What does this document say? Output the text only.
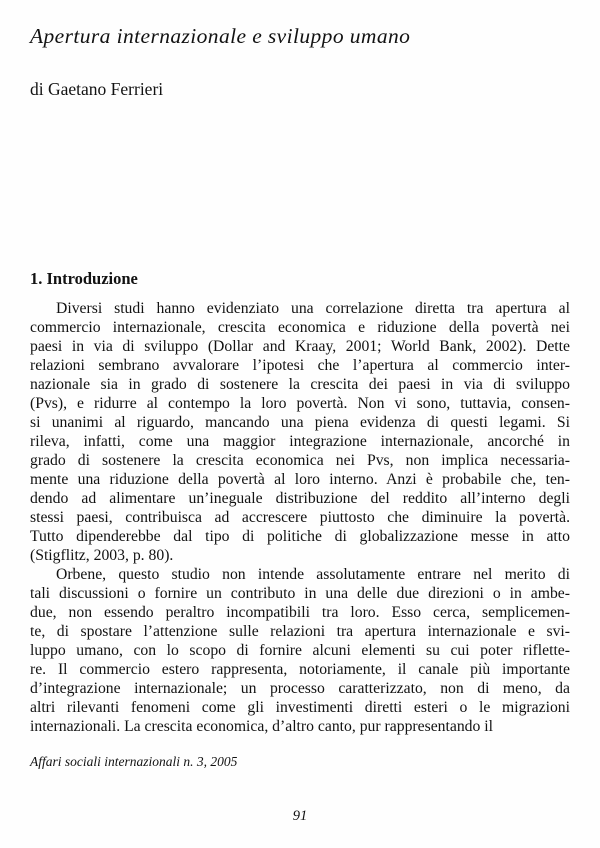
Apertura internazionale e sviluppo umano
di Gaetano Ferrieri
1. Introduzione
Diversi studi hanno evidenziato una correlazione diretta tra apertura al
commercio internazionale, crescita economica e riduzione della povertà nei
paesi in via di sviluppo (Dollar and Kraay, 2001; World Bank, 2002). Dette
relazioni sembrano avvalorare l’ipotesi che l’apertura al commercio inter-
nazionale sia in grado di sostenere la crescita dei paesi in via di sviluppo
(Pvs), e ridurre al contempo la loro povertà. Non vi sono, tuttavia, consen-
si unanimi al riguardo, mancando una piena evidenza di questi legami. Si
rileva, infatti, come una maggior integrazione internazionale, ancorché in
grado di sostenere la crescita economica nei Pvs, non implica necessaria-
mente una riduzione della povertà al loro interno. Anzi è probabile che, ten-
dendo ad alimentare un’ineguale distribuzione del reddito all’interno degli
stessi paesi, contribuisca ad accrescere piuttosto che diminuire la povertà.
Tutto dipenderebbe dal tipo di politiche di globalizzazione messe in atto
(Stigflitz, 2003, p. 80).
Orbene, questo studio non intende assolutamente entrare nel merito di
tali discussioni o fornire un contributo in una delle due direzioni o in ambe-
due, non essendo peraltro incompatibili tra loro. Esso cerca, semplicemen-
te, di spostare l’attenzione sulle relazioni tra apertura internazionale e svi-
luppo umano, con lo scopo di fornire alcuni elementi su cui poter riflette-
re. Il commercio estero rappresenta, notoriamente, il canale più importante
d’integrazione internazionale; un processo caratterizzato, non di meno, da
altri rilevanti fenomeni come gli investimenti diretti esteri o le migrazioni
internazionali. La crescita economica, d’altro canto, pur rappresentando il
Affari sociali internazionali n. 3, 2005
91
